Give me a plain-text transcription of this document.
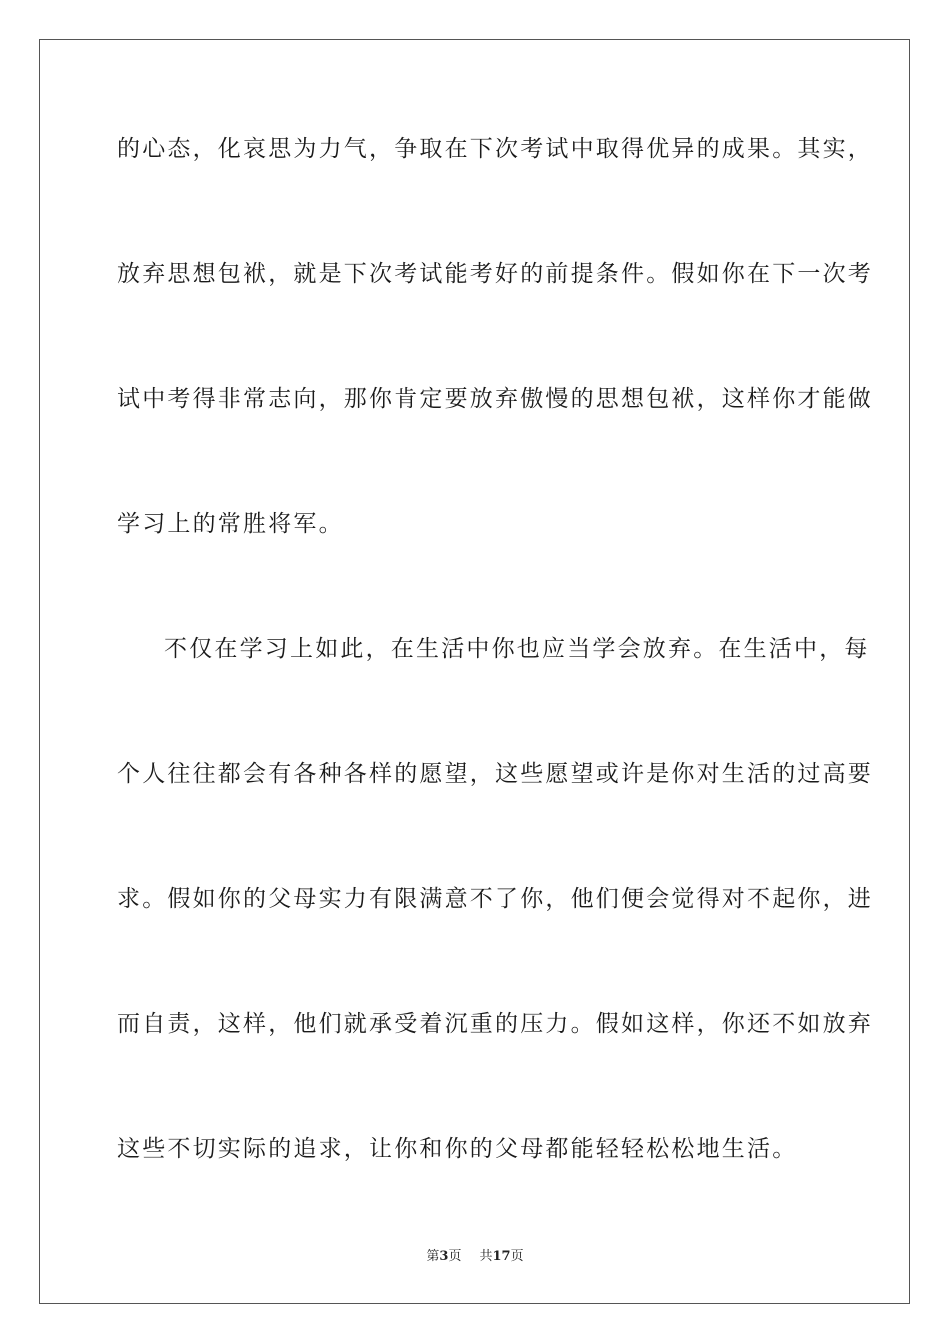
的心态，化哀思为力气，争取在下次考试中取得优异的成果。其实，
放弃思想包袱，就是下次考试能考好的前提条件。假如你在下一次考
试中考得非常志向，那你肯定要放弃傲慢的思想包袱，这样你才能做
学习上的常胜将军。
不仅在学习上如此，在生活中你也应当学会放弃。在生活中，每
个人往往都会有各种各样的愿望，这些愿望或许是你对生活的过高要
求。假如你的父母实力有限满意不了你，他们便会觉得对不起你，进
而自责，这样，他们就承受着沉重的压力。假如这样，你还不如放弃
这些不切实际的追求，让你和你的父母都能轻轻松松地生活。
第3页 共17页
